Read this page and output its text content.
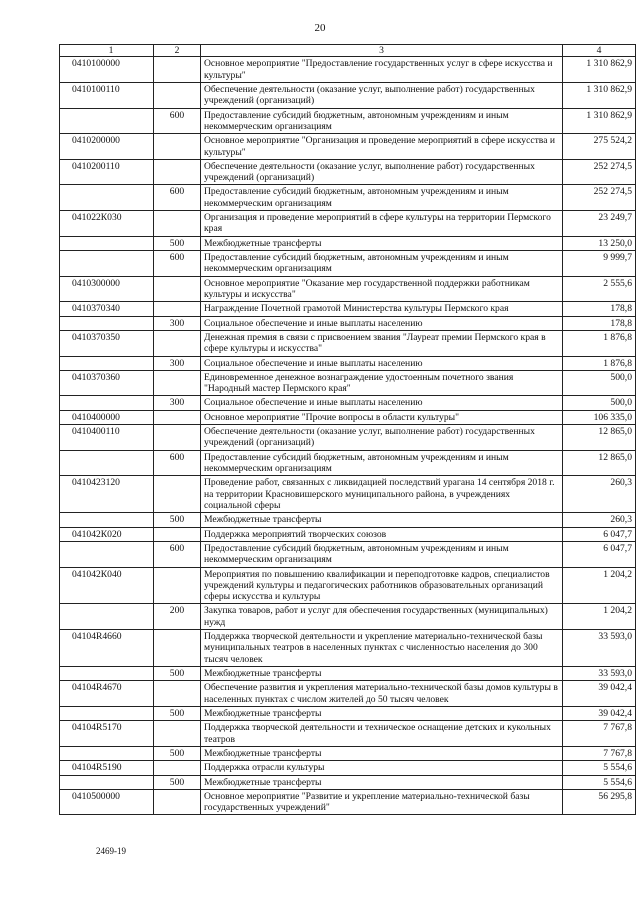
20
1	2	3	4
0410100000		Основное мероприятие "Предоставление государственных услуг в сфере искусства и культуры"	1 310 862,9
0410100110		Обеспечение деятельности (оказание услуг, выполнение работ) государственных учреждений (организаций)	1 310 862,9
	600	Предоставление субсидий бюджетным, автономным учреждениям и иным некоммерческим организациям	1 310 862,9
0410200000		Основное мероприятие "Организация и проведение мероприятий в сфере искусства и культуры"	275 524,2
0410200110		Обеспечение деятельности (оказание услуг, выполнение работ) государственных учреждений (организаций)	252 274,5
	600	Предоставление субсидий бюджетным, автономным учреждениям и иным некоммерческим организациям	252 274,5
041022К030		Организация и проведение мероприятий в сфере культуры на территории Пермского края	23 249,7
	500	Межбюджетные трансферты	13 250,0
	600	Предоставление субсидий бюджетным, автономным учреждениям и иным некоммерческим организациям	9 999,7
0410300000		Основное мероприятие "Оказание мер государственной поддержки работникам культуры и искусства"	2 555,6
0410370340		Награждение Почетной грамотой Министерства культуры Пермского края	178,8
	300	Социальное обеспечение и иные выплаты населению	178,8
0410370350		Денежная премия в связи с присвоением звания "Лауреат премии Пермского края в сфере культуры и искусства"	1 876,8
	300	Социальное обеспечение и иные выплаты населению	1 876,8
0410370360		Единовременное денежное вознаграждение удостоенным почетного звания "Народный мастер Пермского края"	500,0
	300	Социальное обеспечение и иные выплаты населению	500,0
0410400000		Основное мероприятие "Прочие вопросы в области культуры"	106 335,0
0410400110		Обеспечение деятельности (оказание услуг, выполнение работ) государственных учреждений (организаций)	12 865,0
	600	Предоставление субсидий бюджетным, автономным учреждениям и иным некоммерческим организациям	12 865,0
0410423120		Проведение работ, связанных с ликвидацией последствий урагана 14 сентября 2018 г. на территории Красновишерского муниципального района, в учреждениях социальной сферы	260,3
	500	Межбюджетные трансферты	260,3
041042К020		Поддержка мероприятий творческих союзов	6 047,7
	600	Предоставление субсидий бюджетным, автономным учреждениям и иным некоммерческим организациям	6 047,7
041042К040		Мероприятия по повышению квалификации и переподготовке кадров, специалистов учреждений культуры и педагогических работников образовательных организаций сферы искусства и культуры	1 204,2
	200	Закупка товаров, работ и услуг для обеспечения государственных (муниципальных) нужд	1 204,2
04104R4660		Поддержка творческой деятельности и укрепление материально-технической базы муниципальных театров в населенных пунктах с численностью населения до 300 тысяч человек	33 593,0
	500	Межбюджетные трансферты	33 593,0
04104R4670		Обеспечение развития и укрепления материально-технической базы домов культуры в населенных пунктах с числом жителей до 50 тысяч человек	39 042,4
	500	Межбюджетные трансферты	39 042,4
04104R5170		Поддержка творческой деятельности и техническое оснащение детских и кукольных театров	7 767,8
	500	Межбюджетные трансферты	7 767,8
04104R5190		Поддержка отрасли культуры	5 554,6
	500	Межбюджетные трансферты	5 554,6
0410500000		Основное мероприятие "Развитие и укрепление материально-технической базы государственных учреждений"	56 295,8
2469-19
